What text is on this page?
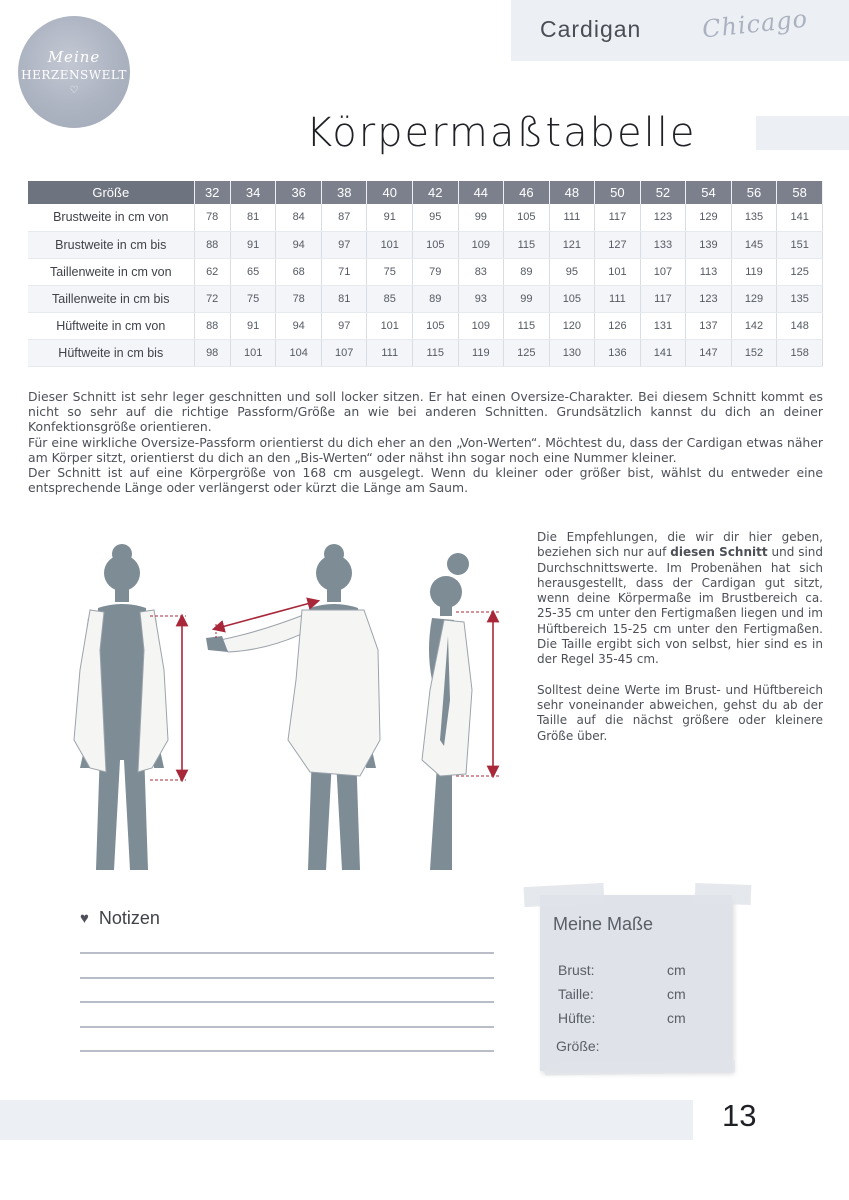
Meine
HERZENSWELT
♡
Cardigan Chicago
Körpermaßtabelle
Größe	32	34	36	38	40	42	44	46	48	50	52	54	56	58
Brustweite in cm von	78	81	84	87	91	95	99	105	111	117	123	129	135	141
Brustweite in cm bis	88	91	94	97	101	105	109	115	121	127	133	139	145	151
Taillenweite in cm von	62	65	68	71	75	79	83	89	95	101	107	113	119	125
Taillenweite in cm bis	72	75	78	81	85	89	93	99	105	111	117	123	129	135
Hüftweite in cm von	88	91	94	97	101	105	109	115	120	126	131	137	142	148
Hüftweite in cm bis	98	101	104	107	111	115	119	125	130	136	141	147	152	158

Dieser Schnitt ist sehr leger geschnitten und soll locker sitzen. Er hat einen Oversize-Charakter. Bei diesem Schnitt kommt es nicht so sehr auf die richtige Passform/Größe an wie bei anderen Schnitten. Grundsätzlich kannst du dich an deiner Konfektionsgröße orientieren.

Für eine wirkliche Oversize-Passform orientierst du dich eher an den „Von-Werten“. Möchtest du, dass der Cardigan etwas näher am Körper sitzt, orientierst du dich an den „Bis-Werten“ oder nähst ihn sogar noch eine Nummer kleiner.

Der Schnitt ist auf eine Körpergröße von 168 cm ausgelegt. Wenn du kleiner oder größer bist, wählst du entweder eine entsprechende Länge oder verlängerst oder kürzt die Länge am Saum.

Die Empfehlungen, die wir dir hier geben, beziehen sich nur auf diesen Schnitt und sind Durchschnittswerte. Im Probenähen hat sich herausgestellt, dass der Cardigan gut sitzt, wenn deine Körpermaße im Brustbereich ca. 25-35 cm unter den Fertigmaßen liegen und im Hüftbereich 15-25 cm unter den Fertigmaßen. Die Taille ergibt sich von selbst, hier sind es in der Regel 35-45 cm.

Solltest deine Werte im Brust- und Hüftbereich sehr voneinander abweichen, gehst du ab der Taille auf die nächst größere oder kleinere Größe über.

♥ Notizen	Meine Maße
Brust:	cm
Taille:	cm
Hüfte:	cm
Größe:
13
